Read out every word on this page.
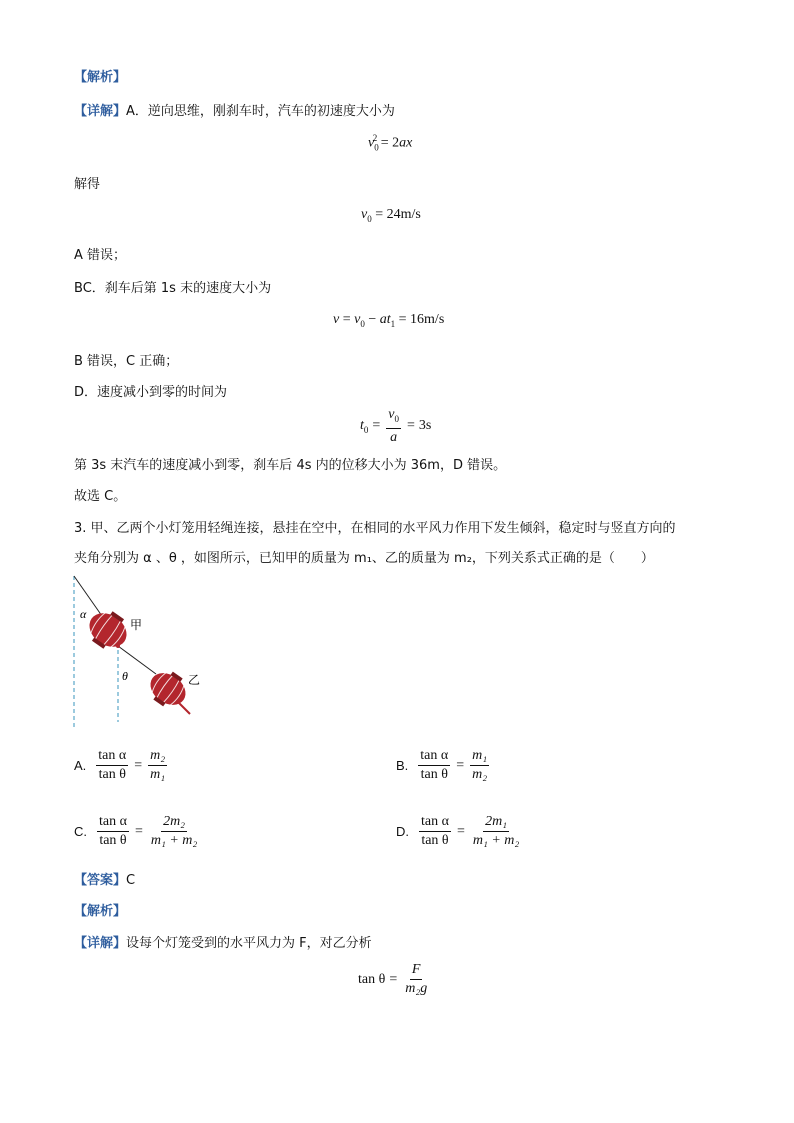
【解析】
【详解】A．逆向思维，刚刹车时，汽车的初速度大小为
$v_0^2 = 2ax$
解得
$v_0 = 24m/s$
A 错误；
BC．刹车后第 1s 末的速度大小为
$v = v_0 - at_1 = 16m/s$
B 错误，C 正确；
D．速度减小到零的时间为
$t_0 = \frac{v_0}{a} = 3s$
第 3s 末汽车的速度减小到零，刹车后 4s 内的位移大小为 36m，D 错误。
故选 C。
3. 甲、乙两个小灯笼用轻绳连接，悬挂在空中，在相同的水平风力作用下发生倾斜，稳定时与竖直方向的
夹角分别为 α 、θ ，如图所示，已知甲的质量为 m₁、乙的质量为 m₂，下列关系式正确的是（　　）
α
甲
θ	乙
A. $\frac{\text{tan α}}{\text{tan θ}} = \frac{\text{m₂}}{\text{m₁}}$	B. $\frac{\text{tan α}}{\text{tan θ}} = \frac{\text{m₁}}{\text{m₂}}$
C. $\frac{\text{tan α}}{\text{tan θ}} = \frac{\text{2m₂}}{\text{m₁ + m₂}}$	D. $\frac{\text{tan α}}{\text{tan θ}} = \frac{\text{2m₁}}{\text{m₁ + m₂}}$
【答案】C
【解析】
【详解】设每个灯笼受到的水平风力为 F，对乙分析
$\tan \theta = \frac{F}{\text{m₂g}}$
